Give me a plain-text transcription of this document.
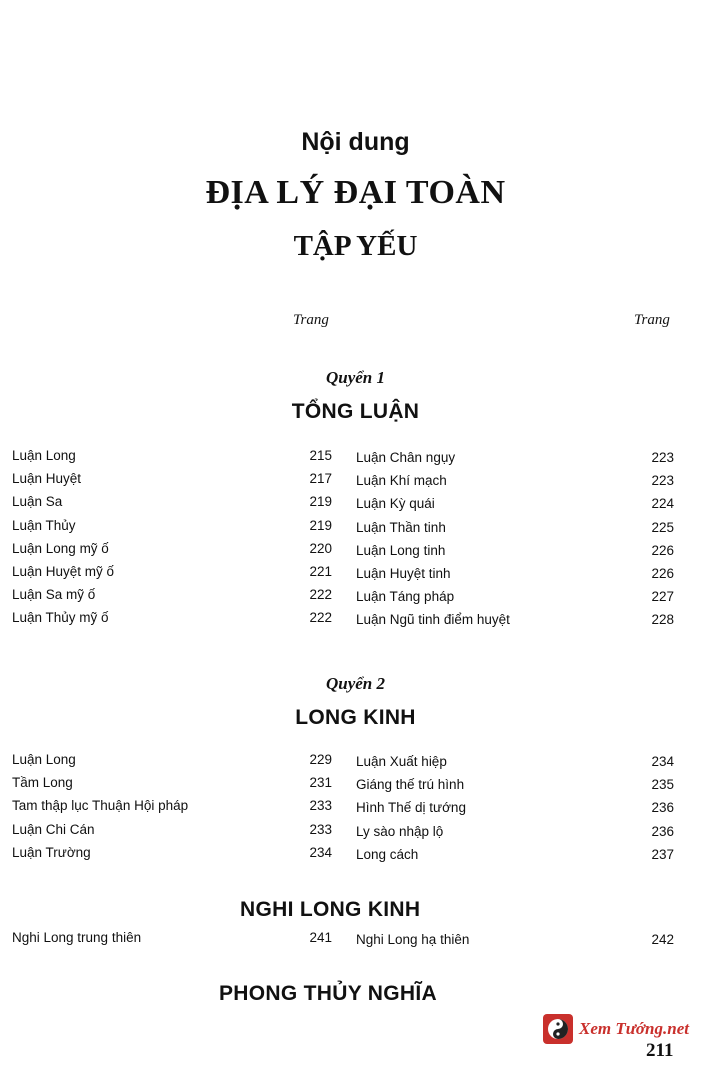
Nội dung
ĐỊA LÝ ĐẠI TOÀN
TẬP YẾU
Trang	Trang
Quyển 1
TỔNG LUẬN
Luận Long	215
Luận Huyệt	217
Luận Sa	219
Luận Thủy	219
Luận Long mỹ ố	220
Luận Huyệt mỹ ố	221
Luận Sa mỹ ố	222
Luận Thủy mỹ ố	222
Luận Chân ngụy	223
Luận Khí mạch	223
Luận Kỳ quái	224
Luận Thần tinh	225
Luận Long tinh	226
Luận Huyệt tinh	226
Luận Táng pháp	227
Luận Ngũ tinh điểm huyệt	228
Quyển 2
LONG KINH
Luận Long	229
Tầm Long	231
Tam thập lục Thuận Hội pháp	233
Luận Chi Cán	233
Luận Trường	234
Luận Xuất hiệp	234
Giáng thế trú hình	235
Hình Thế dị tướng	236
Ly sào nhập lộ	236
Long cách	237
NGHI LONG KINH
Nghi Long trung thiên	241 Nghi Long hạ thiên	242
PHONG THỦY NGHĨA
Xem Tướng.net
211
